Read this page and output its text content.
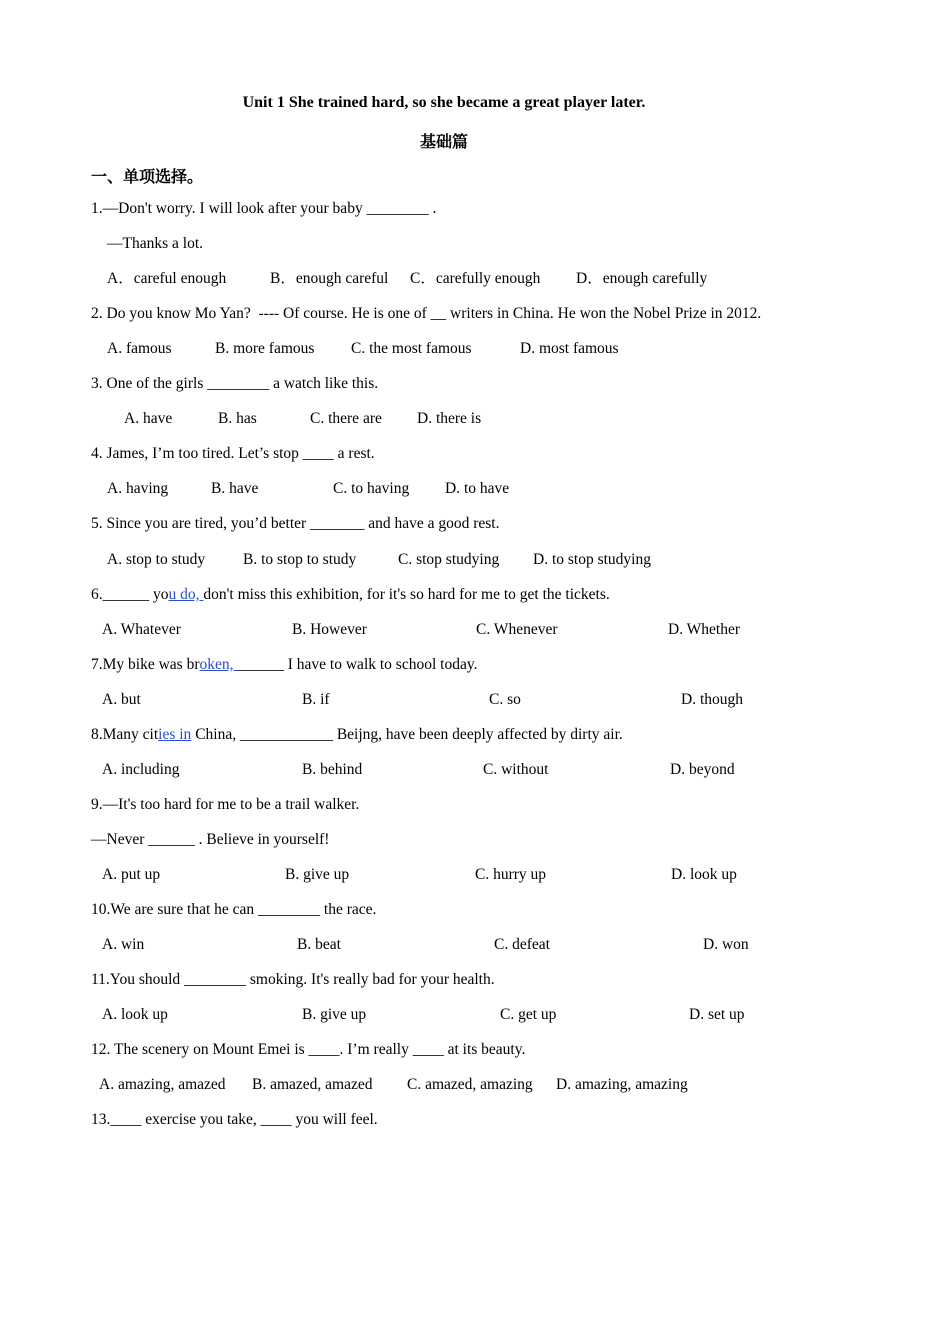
Unit 1 She trained hard, so she became a great player later.
基础篇
一、单项选择。
1.—Don't worry. I will look after your baby ________ .
—Thanks a lot.
A．careful enough	B．enough careful C．carefully enough D．enough carefully
2. Do you know Mo Yan?  ---- Of course. He is one of __ writers in China. He won the Nobel Prize in 2012.
A. famous	B. more famous C. the most famous	D. most famous
3. One of the girls ________ a watch like this.
A. have	B. has	C. there are D. there is
4. James, I’m too tired. Let’s stop ____ a rest.
A. having	B. have	C. to having D. to have
5. Since you are tired, you’d better _______ and have a good rest.
A. stop to study B. to stop to study	C. stop studying D. to stop studying
6.______ you do, don't miss this exhibition, for it's so hard for me to get the tickets.
A. Whatever	B. However	C. Whenever	D. Whether
7.My bike was broken, ______ I have to walk to school today.
A. but	B. if	C. so	D. though
8.Many cities in China, ____________ Beijng, have been deeply affected by dirty air.
A. including	B. behind	C. without	D. beyond
9.—It's too hard for me to be a trail walker.
—Never ______ . Believe in yourself!
A. put up	B. give up	C. hurry up	D. look up
10.We are sure that he can ________ the race.
A. win	B. beat	C. defeat	D. won
11.You should ________ smoking. It's really bad for your health.
A. look up	B. give up	C. get up	D. set up
12. The scenery on Mount Emei is ____. I’m really ____ at its beauty.
A. amazing, amazed B. amazed, amazed C. amazed, amazing D. amazing, amazing
13.____ exercise you take, ____ you will feel.
